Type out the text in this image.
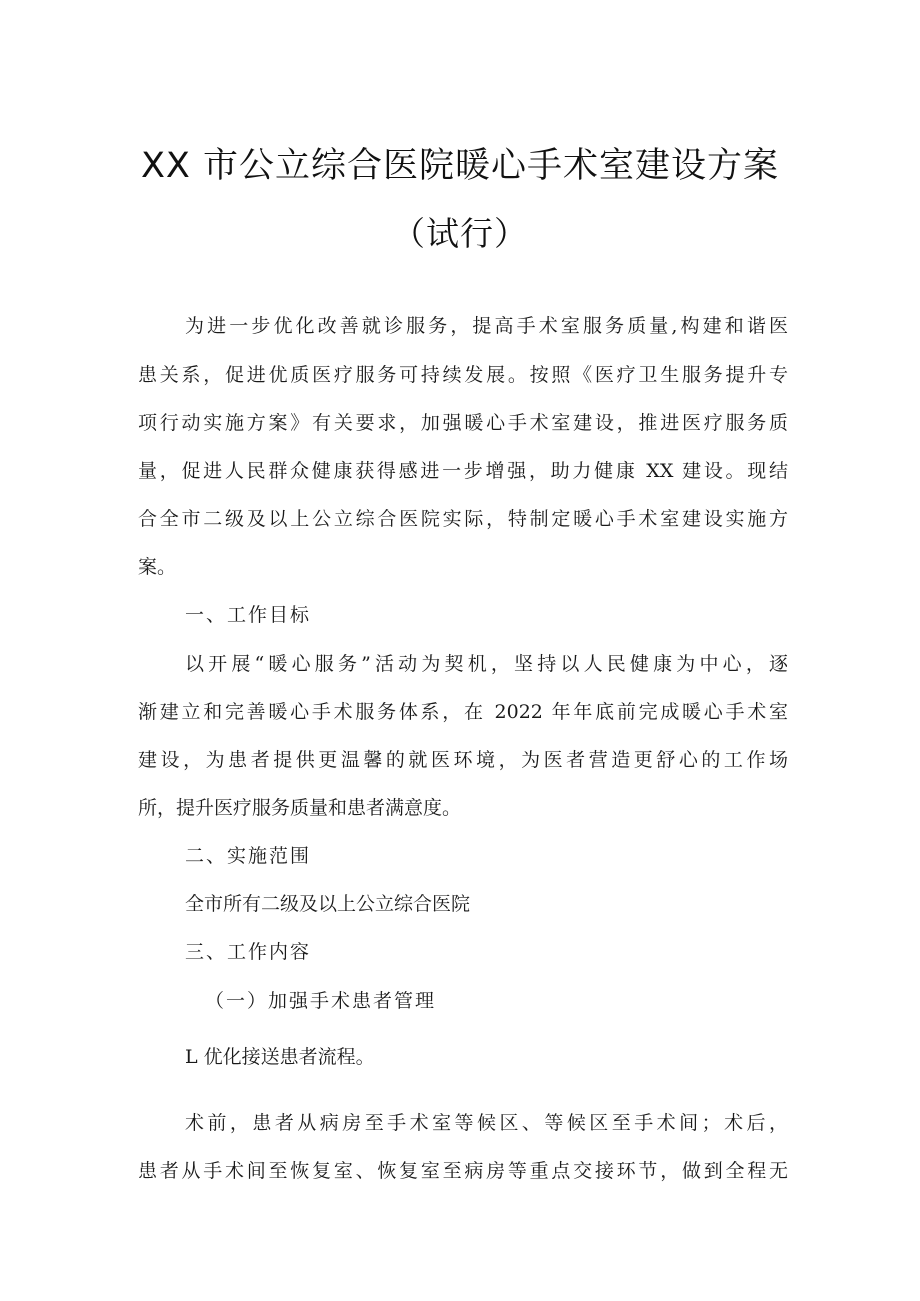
XX 市公立综合医院暖心手术室建设方案
（试行）

为进一步优化改善就诊服务，提高手术室服务质量,构建和谐医

患关系，促进优质医疗服务可持续发展。按照《医疗卫生服务提升专

项行动实施方案》有关要求，加强暖心手术室建设，推进医疗服务质

量，促进人民群众健康获得感进一步增强，助力健康 XX 建设。现结

合全市二级及以上公立综合医院实际，特制定暖心手术室建设实施方

案。

一、工作目标

以开展“暖心服务”活动为契机，坚持以人民健康为中心，逐

渐建立和完善暖心手术服务体系，在 2022 年年底前完成暖心手术室

建设，为患者提供更温馨的就医环境，为医者营造更舒心的工作场

所，提升医疗服务质量和患者满意度。

二、实施范围

全市所有二级及以上公立综合医院

三、工作内容

（一）加强手术患者管理

L 优化接送患者流程。

术前，患者从病房至手术室等候区、等候区至手术间；术后，

患者从手术间至恢复室、恢复室至病房等重点交接环节，做到全程无
